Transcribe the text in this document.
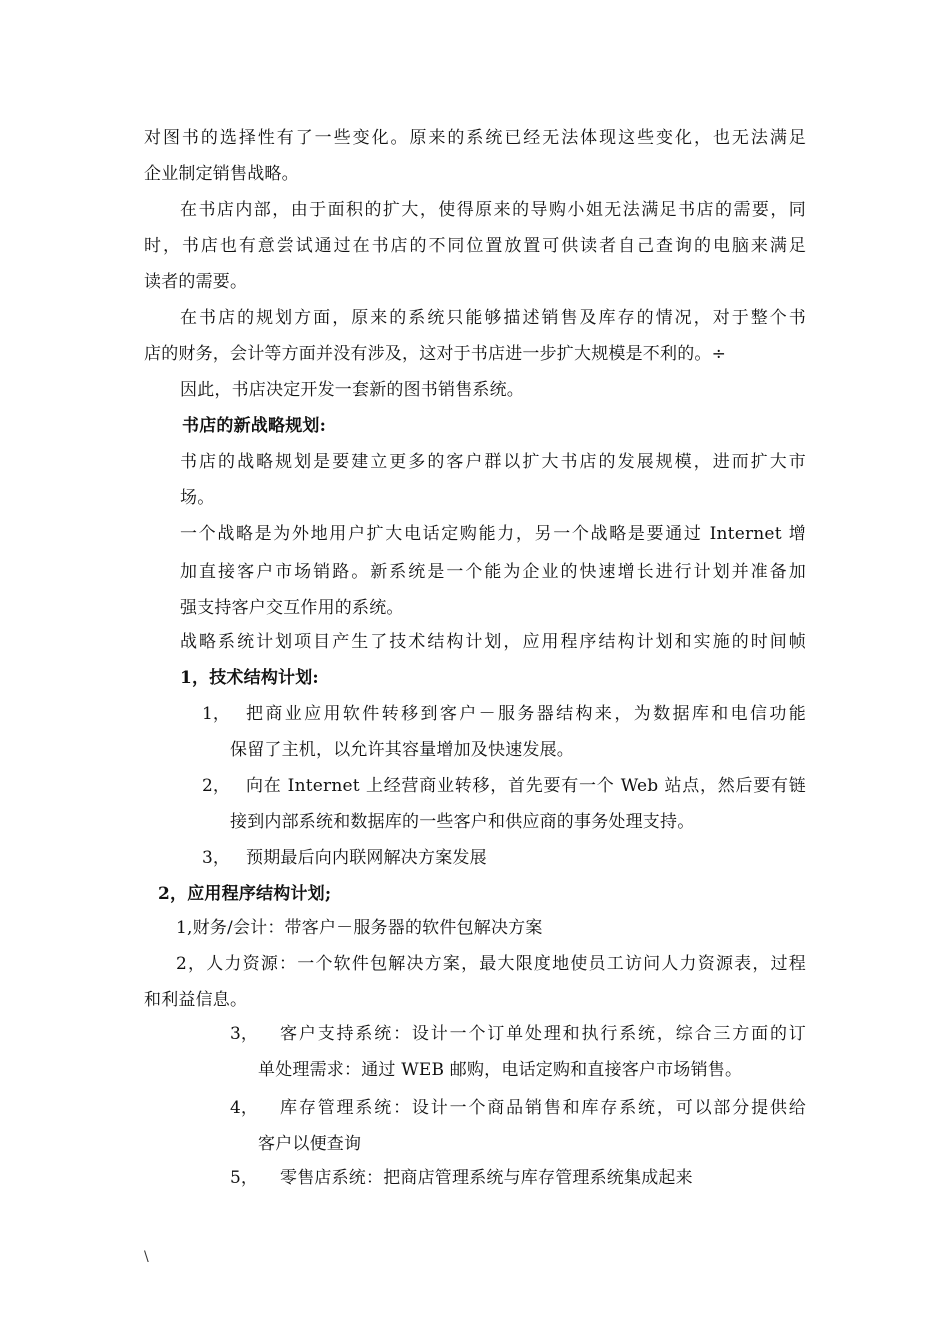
对图书的选择性有了一些变化。原来的系统已经无法体现这些变化，也无法满足
企业制定销售战略。
在书店内部，由于面积的扩大，使得原来的导购小姐无法满足书店的需要，同
时，书店也有意尝试通过在书店的不同位置放置可供读者自己查询的电脑来满足
读者的需要。
在书店的规划方面，原来的系统只能够描述销售及库存的情况，对于整个书
店的财务，会计等方面并没有涉及，这对于书店进一步扩大规模是不利的。÷
因此，书店决定开发一套新的图书销售系统。
书店的新战略规划:
书店的战略规划是要建立更多的客户群以扩大书店的发展规模，进而扩大市
场。
一个战略是为外地用户扩大电话定购能力，另一个战略是要通过 Internet 增
加直接客户市场销路。新系统是一个能为企业的快速增长进行计划并准备加
强支持客户交互作用的系统。
战略系统计划项目产生了技术结构计划，应用程序结构计划和实施的时间帧
1，技术结构计划:
1， 把商业应用软件转移到客户－服务器结构来，为数据库和电信功能
保留了主机，以允许其容量增加及快速发展。
2， 向在 Internet 上经营商业转移，首先要有一个 Web 站点，然后要有链
接到内部系统和数据库的一些客户和供应商的事务处理支持。
3， 预期最后向内联网解决方案发展
2，应用程序结构计划;
1,财务/会计：带客户－服务器的软件包解决方案
2，人力资源：一个软件包解决方案，最大限度地使员工访问人力资源表，过程
和利益信息。
3， 客户支持系统：设计一个订单处理和执行系统，综合三方面的订
单处理需求：通过 WEB 邮购，电话定购和直接客户市场销售。
4， 库存管理系统：设计一个商品销售和库存系统，可以部分提供给
客户以便查询
5， 零售店系统：把商店管理系统与库存管理系统集成起来
\
